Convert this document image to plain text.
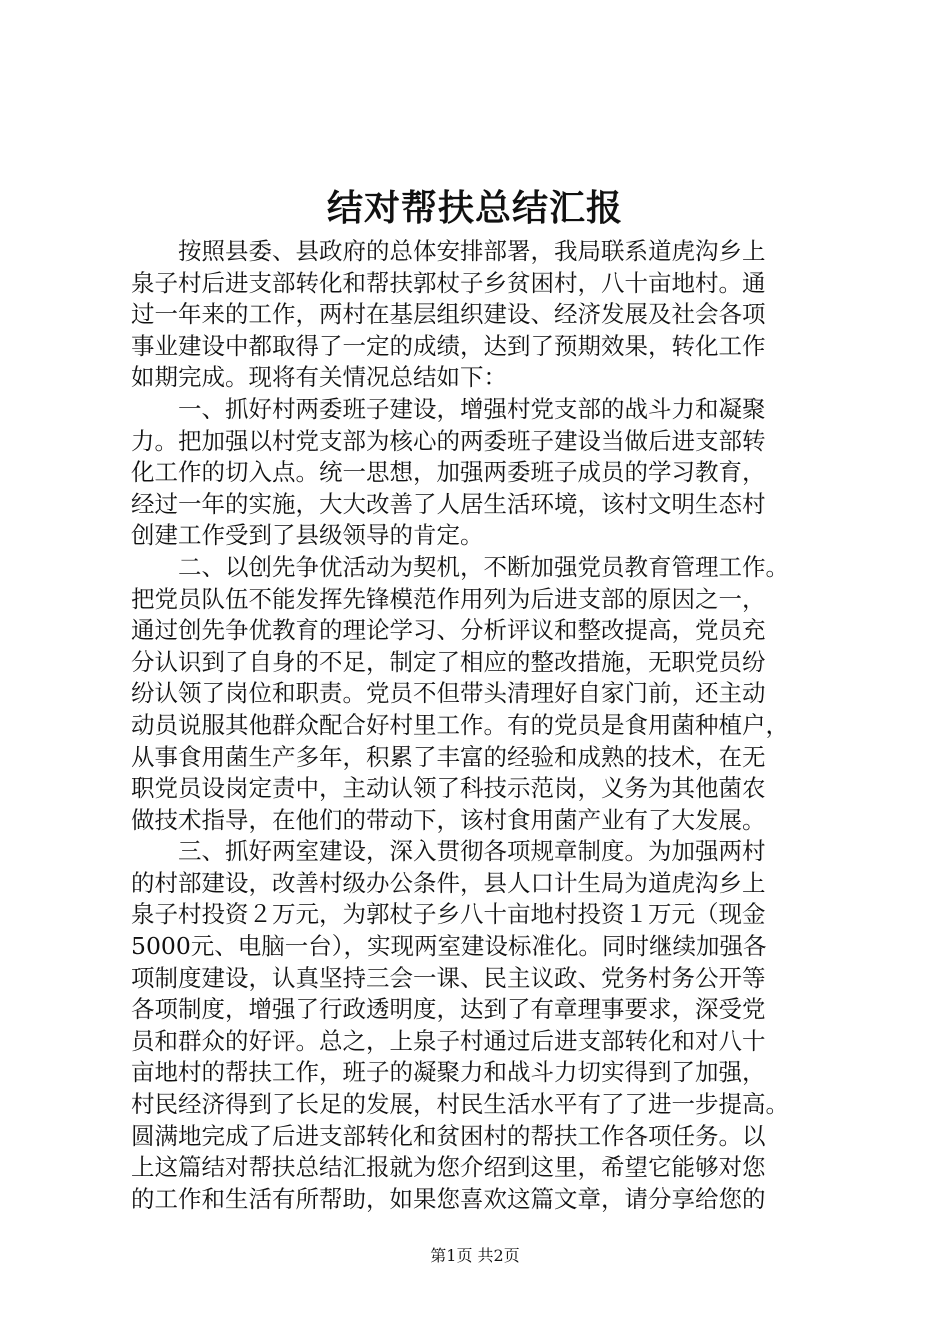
结对帮扶总结汇报
按照县委、县政府的总体安排部署，我局联系道虎沟乡上
泉子村后进支部转化和帮扶郭杖子乡贫困村，八十亩地村。通
过一年来的工作，两村在基层组织建设、经济发展及社会各项
事业建设中都取得了一定的成绩，达到了预期效果，转化工作
如期完成。现将有关情况总结如下：
一、抓好村两委班子建设，增强村党支部的战斗力和凝聚
力。把加强以村党支部为核心的两委班子建设当做后进支部转
化工作的切入点。统一思想，加强两委班子成员的学习教育，
经过一年的实施，大大改善了人居生活环境，该村文明生态村
创建工作受到了县级领导的肯定。
二、以创先争优活动为契机，不断加强党员教育管理工作。
把党员队伍不能发挥先锋模范作用列为后进支部的原因之一，
通过创先争优教育的理论学习、分析评议和整改提高，党员充
分认识到了自身的不足，制定了相应的整改措施，无职党员纷
纷认领了岗位和职责。党员不但带头清理好自家门前，还主动
动员说服其他群众配合好村里工作。有的党员是食用菌种植户，
从事食用菌生产多年，积累了丰富的经验和成熟的技术，在无
职党员设岗定责中，主动认领了科技示范岗，义务为其他菌农
做技术指导，在他们的带动下，该村食用菌产业有了大发展。
三、抓好两室建设，深入贯彻各项规章制度。为加强两村
的村部建设，改善村级办公条件，县人口计生局为道虎沟乡上
泉子村投资２万元，为郭杖子乡八十亩地村投资１万元（现金
5000元、电脑一台），实现两室建设标准化。同时继续加强各
项制度建设，认真坚持三会一课、民主议政、党务村务公开等
各项制度，增强了行政透明度，达到了有章理事要求，深受党
员和群众的好评。总之，上泉子村通过后进支部转化和对八十
亩地村的帮扶工作，班子的凝聚力和战斗力切实得到了加强，
村民经济得到了长足的发展，村民生活水平有了了进一步提高。
圆满地完成了后进支部转化和贫困村的帮扶工作各项任务。以
上这篇结对帮扶总结汇报就为您介绍到这里，希望它能够对您
的工作和生活有所帮助，如果您喜欢这篇文章，请分享给您的
第1页 共2页
